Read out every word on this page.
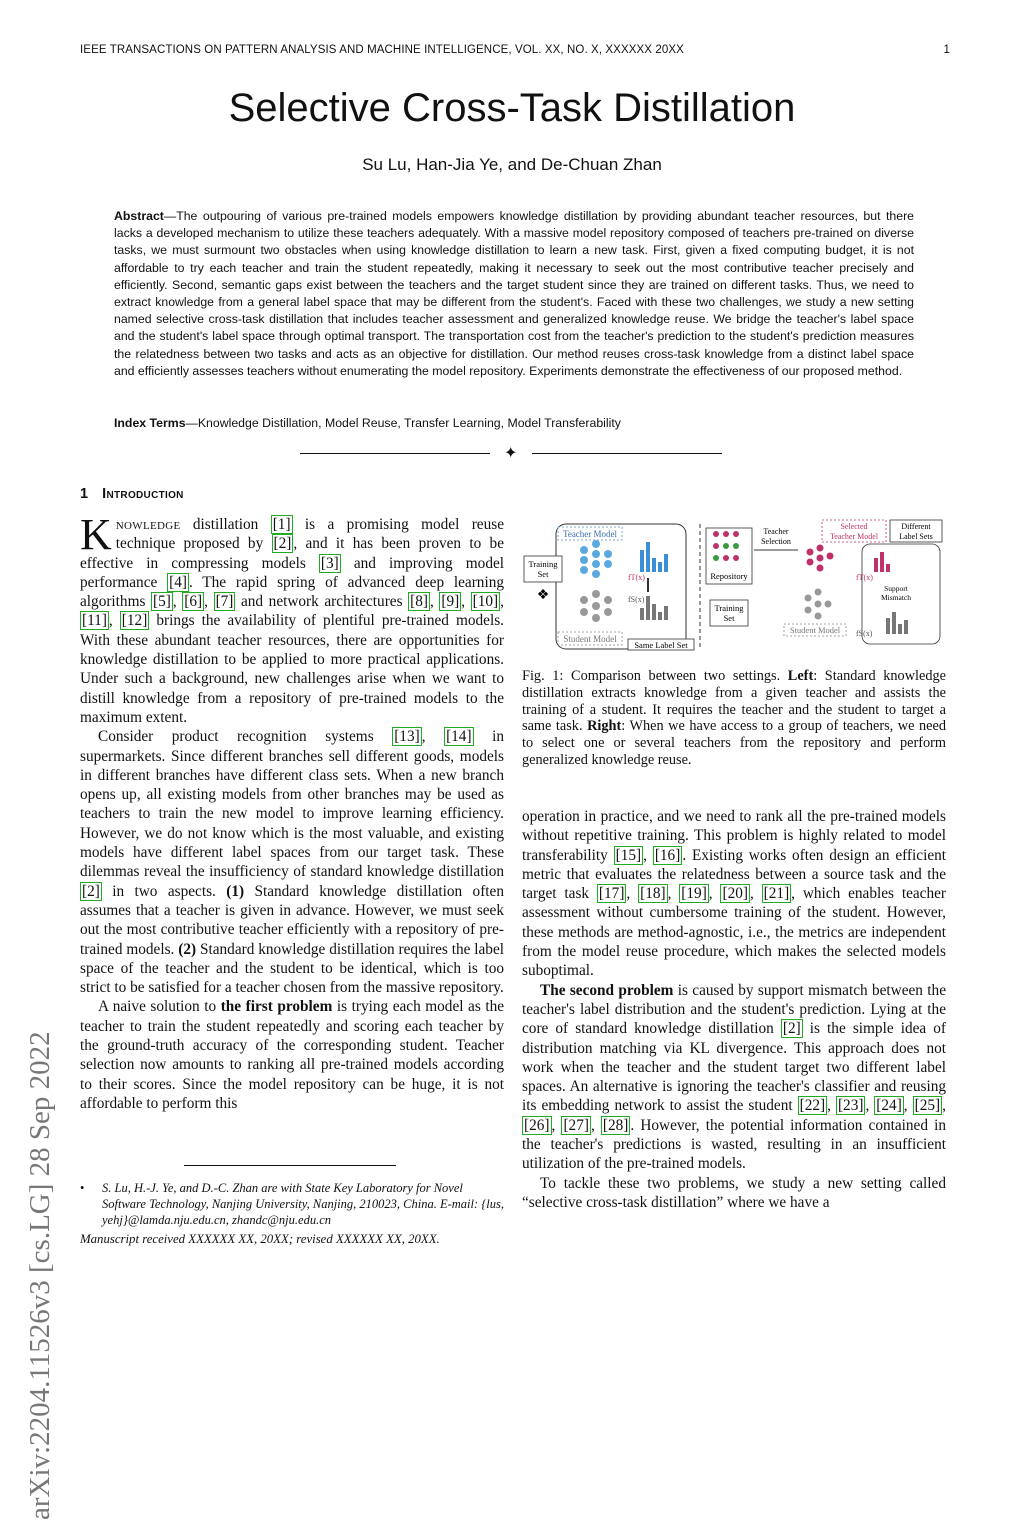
IEEE TRANSACTIONS ON PATTERN ANALYSIS AND MACHINE INTELLIGENCE, VOL. XX, NO. X, XXXXXX 20XX	1
Selective Cross-Task Distillation
Su Lu, Han-Jia Ye, and De-Chuan Zhan
Abstract—The outpouring of various pre-trained models empowers knowledge distillation by providing abundant teacher resources, but there lacks a developed mechanism to utilize these teachers adequately. With a massive model repository composed of teachers pre-trained on diverse tasks, we must surmount two obstacles when using knowledge distillation to learn a new task. First, given a fixed computing budget, it is not affordable to try each teacher and train the student repeatedly, making it necessary to seek out the most contributive teacher precisely and efficiently. Second, semantic gaps exist between the teachers and the target student since they are trained on different tasks. Thus, we need to extract knowledge from a general label space that may be different from the student's. Faced with these two challenges, we study a new setting named selective cross-task distillation that includes teacher assessment and generalized knowledge reuse. We bridge the teacher's label space and the student's label space through optimal transport. The transportation cost from the teacher's prediction to the student's prediction measures the relatedness between two tasks and acts as an objective for distillation. Our method reuses cross-task knowledge from a distinct label space and efficiently assesses teachers without enumerating the model repository. Experiments demonstrate the effectiveness of our proposed method.
Index Terms—Knowledge Distillation, Model Reuse, Transfer Learning, Model Transferability
✦
arXiv:2204.11526v3 [cs.LG] 28 Sep 2022
1 Introduction

Knowledge distillation [1] is a promising model reuse technique proposed by [2] , and it has been proven to be effective in compressing models [3] and improving model performance [4] . The rapid spring of advanced deep learning algorithms [5] , [6] , [7] and network architectures [8] , [9] , [10] , [11] , [12] brings the availability of plentiful pre-trained models. With these abundant teacher resources, there are opportunities for knowledge distillation to be applied to more practical applications. Under such a background, new challenges arise when we want to distill knowledge from a repository of pre-trained models to the maximum extent.

Consider product recognition systems [13] , [14] in supermarkets. Since different branches sell different goods, models in different branches have different class sets. When a new branch opens up, all existing models from other branches may be used as teachers to train the new model to improve learning efficiency. However, we do not know which is the most valuable, and existing models have different label spaces from our target task. These dilemmas reveal the insufficiency of standard knowledge distillation [2] in two aspects. (1) Standard knowledge distillation often assumes that a teacher is given in advance. However, we must seek out the most contributive teacher efficiently with a repository of pre-trained models. (2) Standard knowledge distillation requires the label space of the teacher and the student to be identical, which is too strict to be satisfied for a teacher chosen from the massive repository.

A naive solution to the first problem is trying each model as the teacher to train the student repeatedly and scoring each teacher by the ground-truth accuracy of the corresponding student. Teacher selection now amounts to ranking all pre-trained models according to their scores. Since the model repository can be huge, it is not affordable to perform this

• S. Lu, H.-J. Ye, and D.-C. Zhan are with State Key Laboratory for Novel Software Technology, Nanjing University, Nanjing, 210023, China. E-mail: {lus, yehj}@lamda.nju.edu.cn, zhandc@nju.edu.cn
Manuscript received XXXXXX XX, 20XX; revised XXXXXX XX, 20XX.
Teacher Model
Student Model
Training
Set
❖
fT(x)
fS(x)
Same Label Set
Repository
Teacher
Selection
Selected
Teacher Model
Different
Label Sets
Training
Set
Student Model
fT(x)
fS(x)
Support
Mismatch
Fig. 1: Comparison between two settings. Left: Standard knowledge distillation extracts knowledge from a given teacher and assists the training of a student. It requires the teacher and the student to target a same task. Right: When we have access to a group of teachers, we need to select one or several teachers from the repository and perform generalized knowledge reuse.

operation in practice, and we need to rank all the pre-trained models without repetitive training. This problem is highly related to model transferability [15] , [16] . Existing works often design an efficient metric that evaluates the relatedness between a source task and the target task [17] , [18] , [19] , [20] , [21] , which enables teacher assessment without cumbersome training of the student. However, these methods are method-agnostic, i.e., the metrics are independent from the model reuse procedure, which makes the selected models suboptimal.

The second problem is caused by support mismatch between the teacher's label distribution and the student's prediction. Lying at the core of standard knowledge distillation [2] is the simple idea of distribution matching via KL divergence. This approach does not work when the teacher and the student target two different label spaces. An alternative is ignoring the teacher's classifier and reusing its embedding network to assist the student [22] , [23] , [24] , [25] , [26] , [27] , [28] . However, the potential information contained in the teacher's predictions is wasted, resulting in an insufficient utilization of the pre-trained models.

To tackle these two problems, we study a new setting called “selective cross-task distillation” where we have a
